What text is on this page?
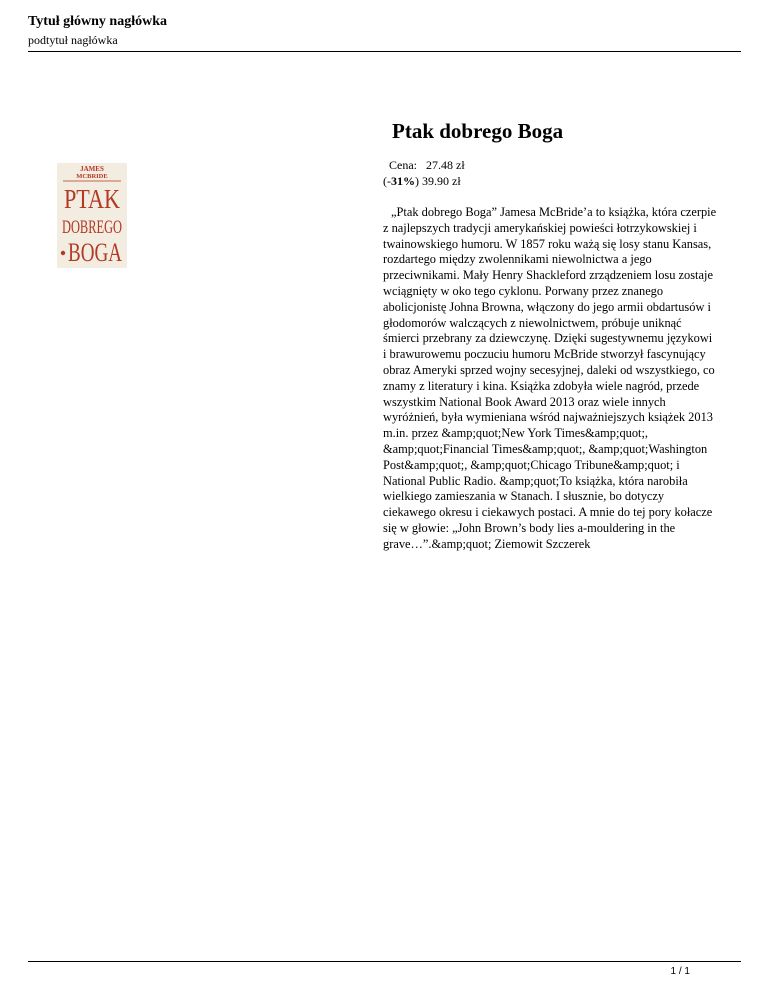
Tytuł główny nagłówka
podtytuł nagłówka
Ptak dobrego Boga
JAMES
MCBRIDE
PTAK
DOBREGO
BOGA
Cena: 27.48 zł
(-31%) 39.90 zł
„Ptak dobrego Boga” Jamesa McBride’a to książka, która czerpie z najlepszych tradycji amerykańskiej powieści łotrzykowskiej i twainowskiego humoru. W 1857 roku ważą się losy stanu Kansas, rozdartego między zwolennikami niewolnictwa a jego przeciwnikami. Mały Henry Shackleford zrządzeniem losu zostaje wciągnięty w oko tego cyklonu. Porwany przez znanego abolicjonistę Johna Browna, włączony do jego armii obdartusów i głodomorów walczących z niewolnictwem, próbuje uniknąć śmierci przebrany za dziewczynę. Dzięki sugestywnemu językowi i brawurowemu poczuciu humoru McBride stworzył fascynujący obraz Ameryki sprzed wojny secesyjnej, daleki od wszystkiego, co znamy z literatury i kina. Książka zdobyła wiele nagród, przede wszystkim National Book Award 2013 oraz wiele innych wyróżnień, była wymieniana wśród najważniejszych książek 2013 m.in. przez &amp;quot;New York Times&amp;quot;, &amp;quot;Financial Times&amp;quot;, &amp;quot;Washington Post&amp;quot;, &amp;quot;Chicago Tribune&amp;quot; i National Public Radio. &amp;quot;To książka, która narobiła wielkiego zamieszania w Stanach. I słusznie, bo dotyczy ciekawego okresu i ciekawych postaci. A mnie do tej pory kołacze się w głowie: „John Brown’s body lies a-mouldering in the grave…”.&amp;quot; Ziemowit Szczerek
1 / 1
